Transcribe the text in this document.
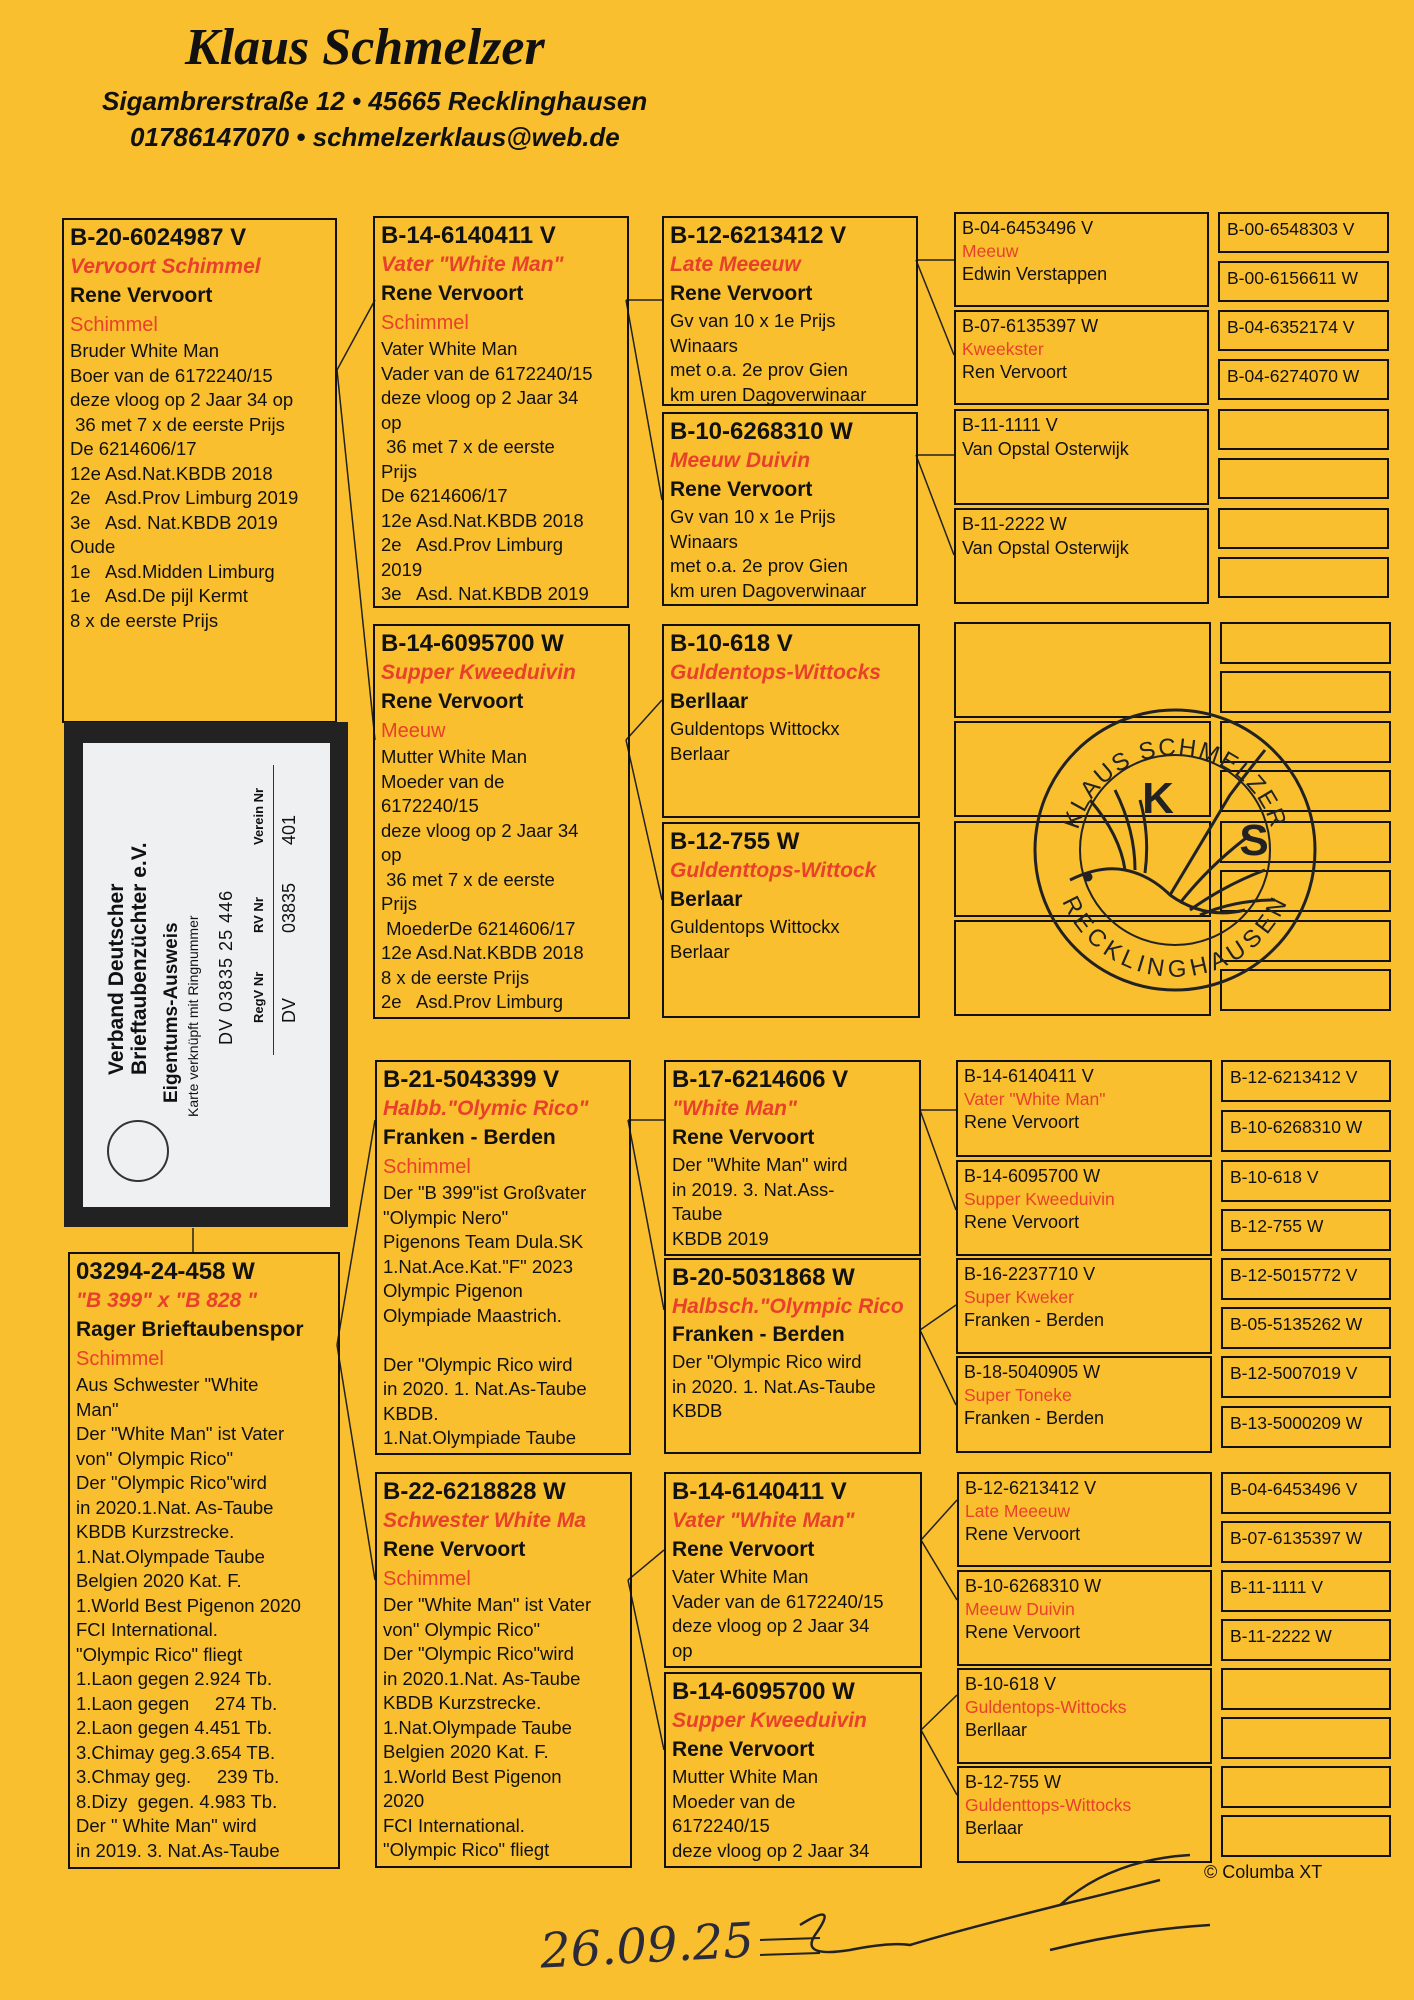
Klaus Schmelzer
Sigambrerstraße 12 • 45665 Recklinghausen
01786147070 • schmelzerklaus@web.de
B-20-6024987 V
Vervoort Schimmel
Rene Vervoort
Schimmel
Bruder White Man
Boer van de 6172240/15
deze vloog op 2 Jaar 34 op
36 met 7 x de eerste Prijs
De 6214606/17
12e Asd.Nat.KBDB 2018
2e   Asd.Prov Limburg 2019
3e   Asd. Nat.KBDB 2019
Oude
1e   Asd.Midden Limburg
1e   Asd.De pijl Kermt
8 x de eerste Prijs
03294-24-458 W
"B 399" x "B 828 "
Rager Brieftaubenspor
Schimmel
Aus Schwester "White
Man"
Der "White Man" ist Vater
von" Olympic Rico"
Der "Olympic Rico"wird
in 2020.1.Nat. As-Taube
KBDB Kurzstrecke.
1.Nat.Olympade Taube
Belgien 2020 Kat. F.
1.World Best Pigenon 2020
FCI International.
"Olympic Rico" fliegt
1.Laon gegen 2.924 Tb.
1.Laon gegen     274 Tb.
2.Laon gegen 4.451 Tb.
3.Chimay geg.3.654 TB.
3.Chmay geg.     239 Tb.
8.Dizy  gegen. 4.983 Tb.
Der " White Man" wird
in 2019. 3. Nat.As-Taube
Verband Deutscher Brieftaubenzüchter e.V. Eigentums-Ausweis Karte verknüpft mit Ringnummer DV 03835 25 446 RegV Nr
RV Nr
Verein Nr
DV
03835
401
B-14-6140411 V
Vater "White Man"
Rene Vervoort
Schimmel
Vater White Man
Vader van de 6172240/15
deze vloog op 2 Jaar 34
op
36 met 7 x de eerste
Prijs
De 6214606/17
12e Asd.Nat.KBDB 2018
2e   Asd.Prov Limburg
2019
3e   Asd. Nat.KBDB 2019
B-14-6095700 W
Supper Kweeduivin
Rene Vervoort
Meeuw
Mutter White Man
Moeder van de
6172240/15
deze vloog op 2 Jaar 34
op
36 met 7 x de eerste
Prijs
MoederDe 6214606/17
12e Asd.Nat.KBDB 2018
8 x de eerste Prijs
2e   Asd.Prov Limburg
B-21-5043399 V
Halbb."Olymic Rico"
Franken - Berden
Schimmel
Der "B 399"ist Großvater
"Olympic Nero"
Pigenons Team Dula.SK
1.Nat.Ace.Kat."F" 2023
Olympic Pigenon
Olympiade Maastrich.

Der "Olympic Rico wird
in 2020. 1. Nat.As-Taube
KBDB.
1.Nat.Olympiade Taube
B-22-6218828 W
Schwester White Ma
Rene Vervoort
Schimmel
Der "White Man" ist Vater
von" Olympic Rico"
Der "Olympic Rico"wird
in 2020.1.Nat. As-Taube
KBDB Kurzstrecke.
1.Nat.Olympade Taube
Belgien 2020 Kat. F.
1.World Best Pigenon
2020
FCI International.
"Olympic Rico" fliegt
B-12-6213412 V
Late Meeeuw
Rene Vervoort
Gv van 10 x 1e Prijs
Winaars
met o.a. 2e prov Gien
km uren Dagoverwinaar
B-10-6268310 W
Meeuw Duivin
Rene Vervoort
Gv van 10 x 1e Prijs
Winaars
met o.a. 2e prov Gien
km uren Dagoverwinaar
B-10-618 V
Guldentops-Wittocks
Berllaar
Guldentops Wittockx
Berlaar
B-12-755 W
Guldenttops-Wittock
Berlaar
Guldentops Wittockx
Berlaar
B-17-6214606 V
"White Man"
Rene Vervoort
Der "White Man" wird
in 2019. 3. Nat.Ass-
Taube
KBDB 2019
B-20-5031868 W
Halbsch."Olympic Rico
Franken - Berden
Der "Olympic Rico wird
in 2020. 1. Nat.As-Taube
KBDB
B-14-6140411 V
Vater "White Man"
Rene Vervoort
Vater White Man
Vader van de 6172240/15
deze vloog op 2 Jaar 34
op
B-14-6095700 W
Supper Kweeduivin
Rene Vervoort
Mutter White Man
Moeder van de
6172240/15
deze vloog op 2 Jaar 34
B-04-6453496 V
Meeuw
Edwin Verstappen
B-07-6135397 W
Kweekster
Ren Vervoort
B-11-1111 V
Van Opstal Osterwijk
B-11-2222 W
Van Opstal Osterwijk
B-14-6140411 V
Vater "White Man"
Rene Vervoort
B-14-6095700 W
Supper Kweeduivin
Rene Vervoort
B-16-2237710 V
Super Kweker
Franken - Berden
B-18-5040905 W
Super Toneke
Franken - Berden
B-12-6213412 V
Late Meeeuw
Rene Vervoort
B-10-6268310 W
Meeuw Duivin
Rene Vervoort
B-10-618 V
Guldentops-Wittocks
Berllaar
B-12-755 W
Guldenttops-Wittocks
Berlaar
B-00-6548303 V
B-00-6156611 W
B-04-6352174 V
B-04-6274070 W
B-12-6213412 V
B-10-6268310 W
B-10-618 V
B-12-755 W
B-12-5015772 V
B-05-5135262 W
B-12-5007019 V
B-13-5000209 W
B-04-6453496 V
B-07-6135397 W
B-11-1111 V
B-11-2222 W
KLAUS SCHMELZER
RECKLINGHAUSEN
K
S
© Columba XT
26.09.25
